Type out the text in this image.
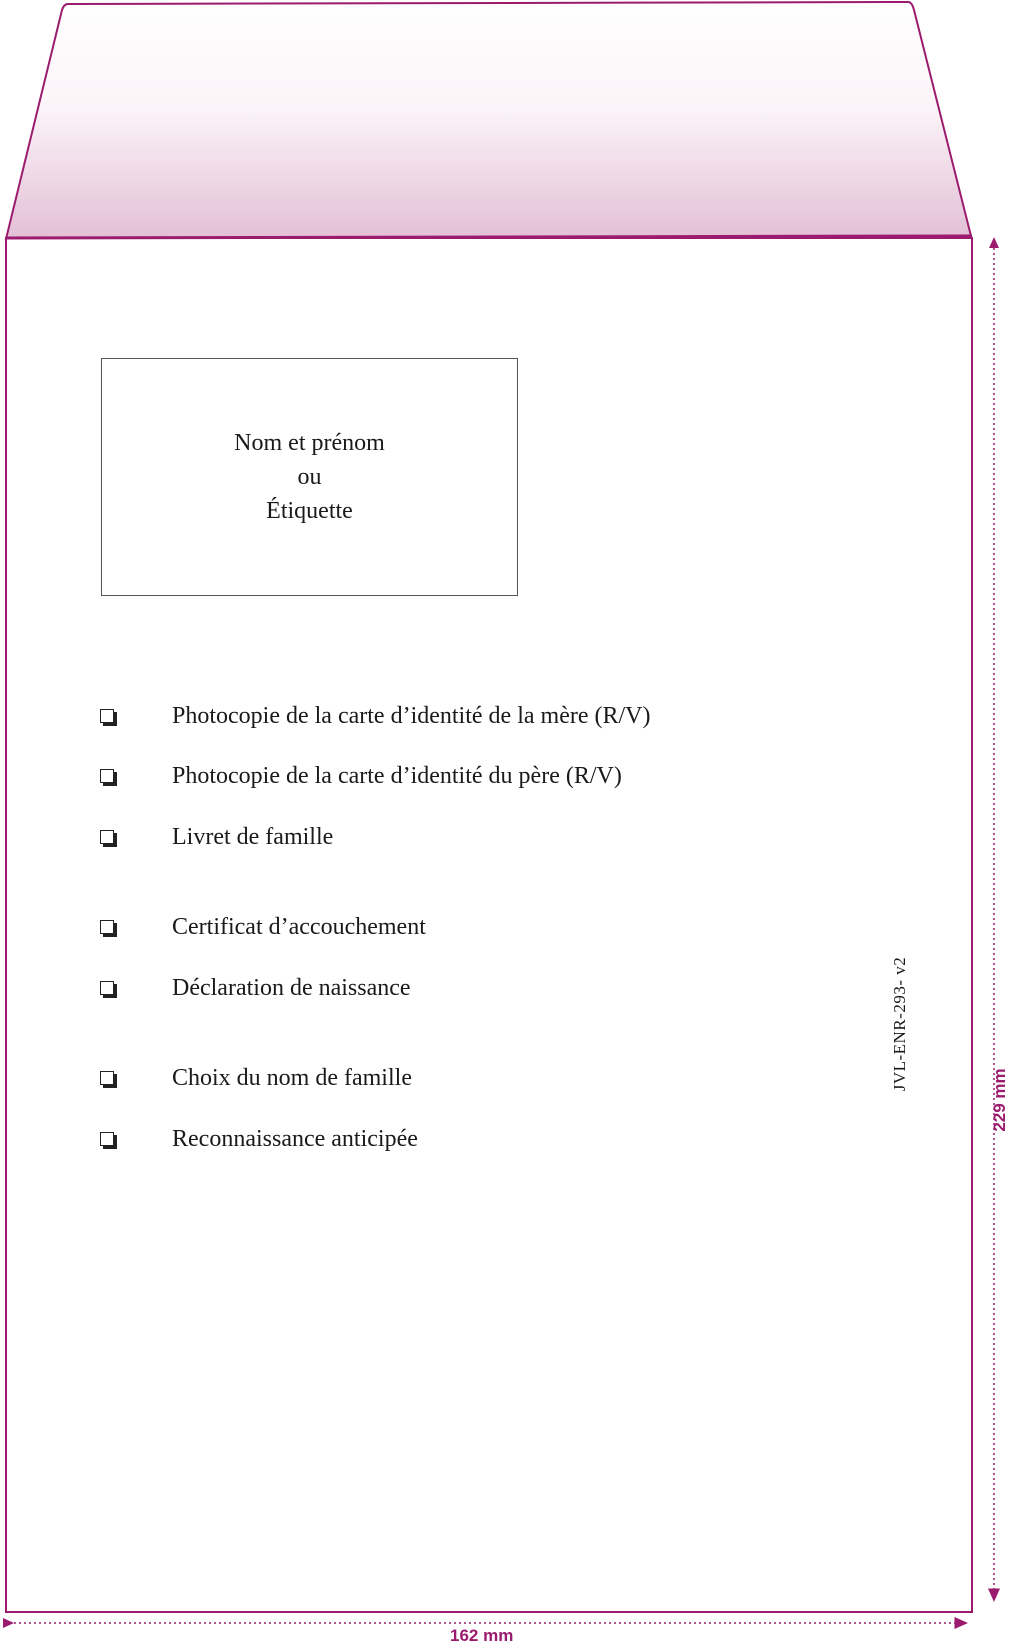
Nom et prénom
ou
Étiquette
Photocopie de la carte d’identité de la mère (R/V)
Photocopie de la carte d’identité du père (R/V)
Livret de famille
Certificat d’accouchement
Déclaration de naissance
Choix du nom de famille
Reconnaissance anticipée
JVL-ENR-293- v2
162 mm
229 mm
